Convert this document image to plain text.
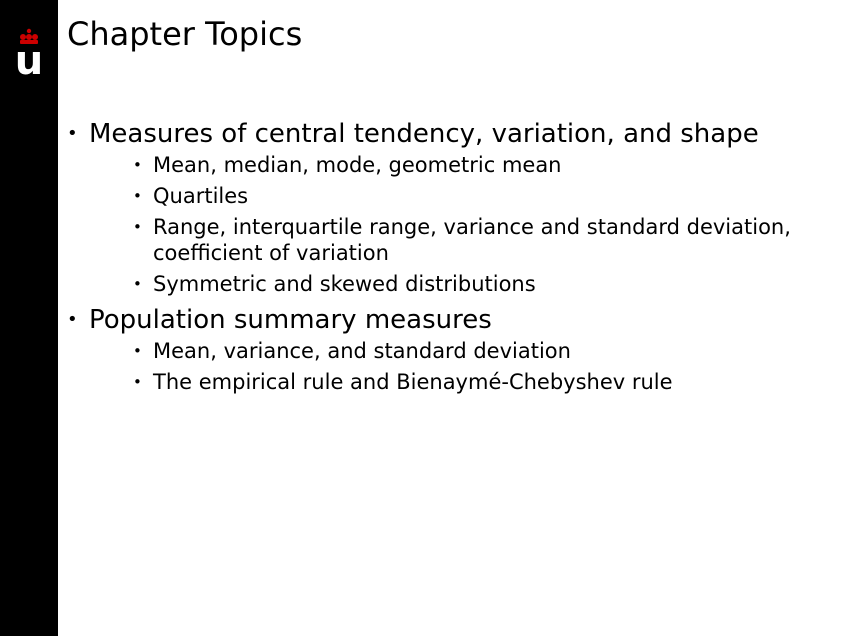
u
Chapter Topics
• Measures of central tendency, variation, and shape
• Mean, median, mode, geometric mean
• Quartiles
• Range, interquartile range, variance and standard deviation, coefficient of variation
• Symmetric and skewed distributions
• Population summary measures
• Mean, variance, and standard deviation
• The empirical rule and Bienaymé-Chebyshev rule
